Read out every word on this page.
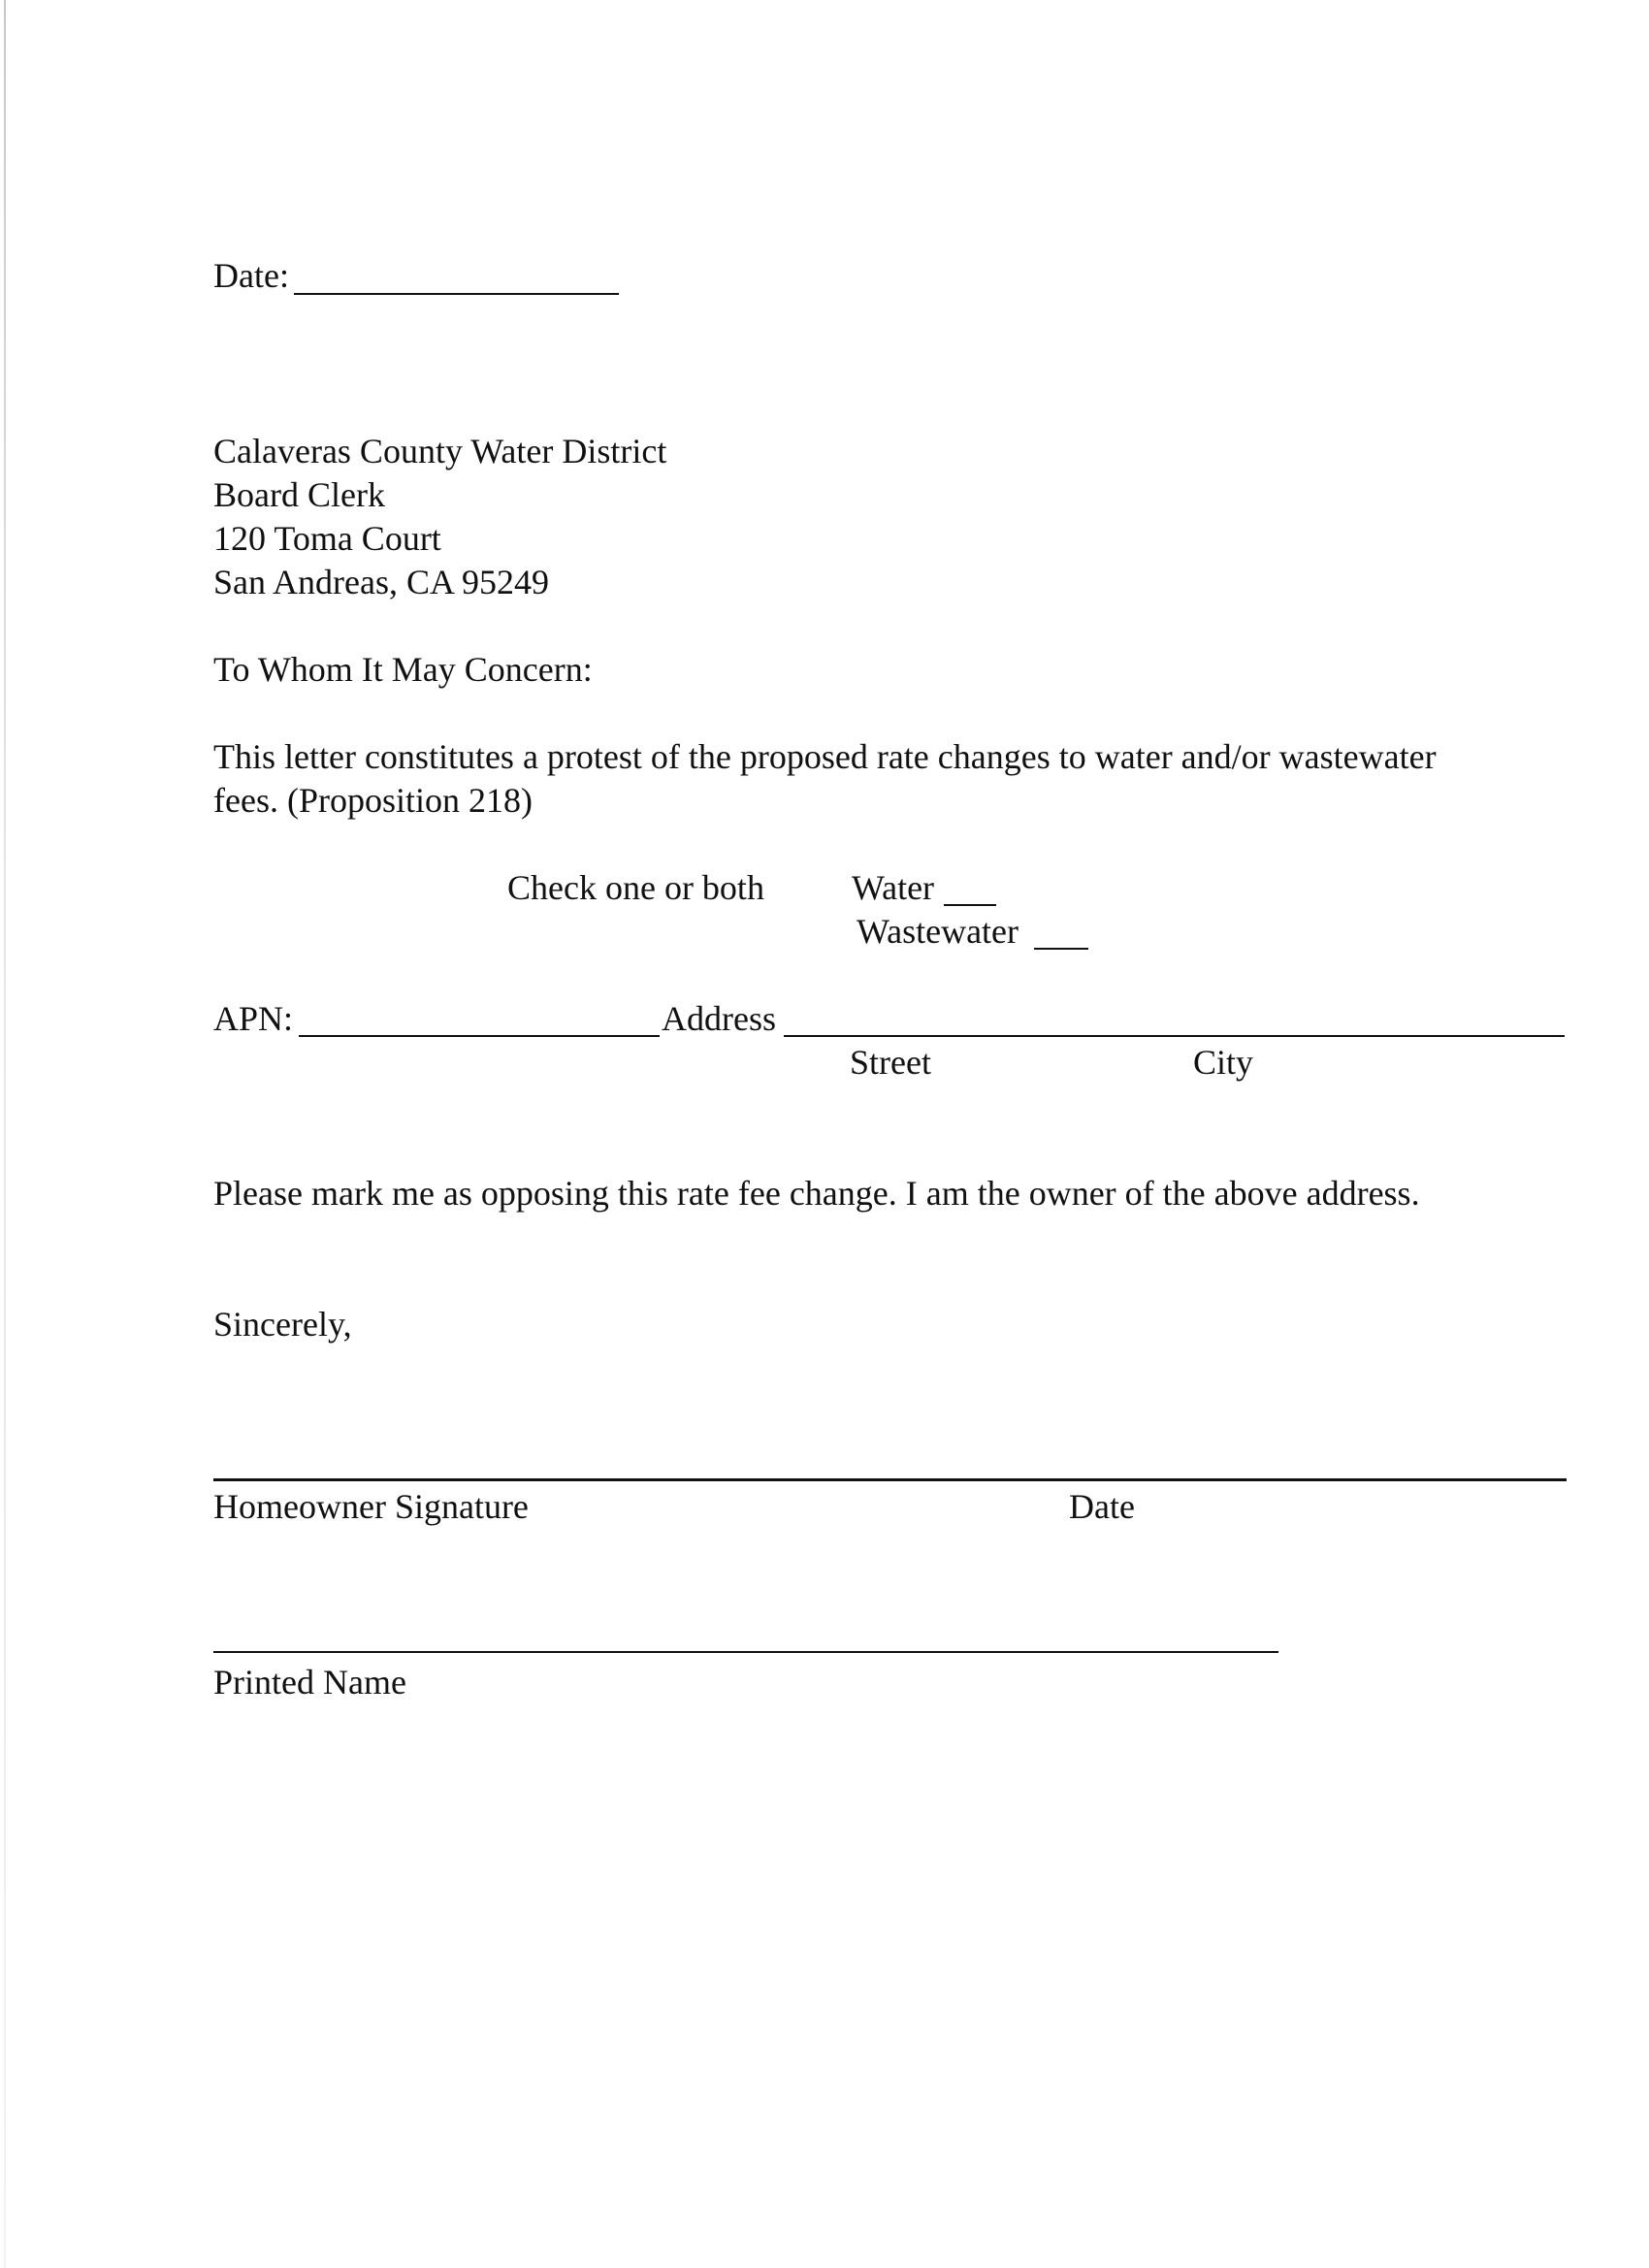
Date:
Calaveras County Water District
Board Clerk
120 Toma Court
San Andreas, CA 95249
To Whom It May Concern:
This letter constitutes a protest of the proposed rate changes to water and/or wastewater
fees. (Proposition 218)
Check one or both	Water
Wastewater
APN:	Address
Street	City
Please mark me as opposing this rate fee change. I am the owner of the above address.
Sincerely,
Homeowner Signature	Date
Printed Name
